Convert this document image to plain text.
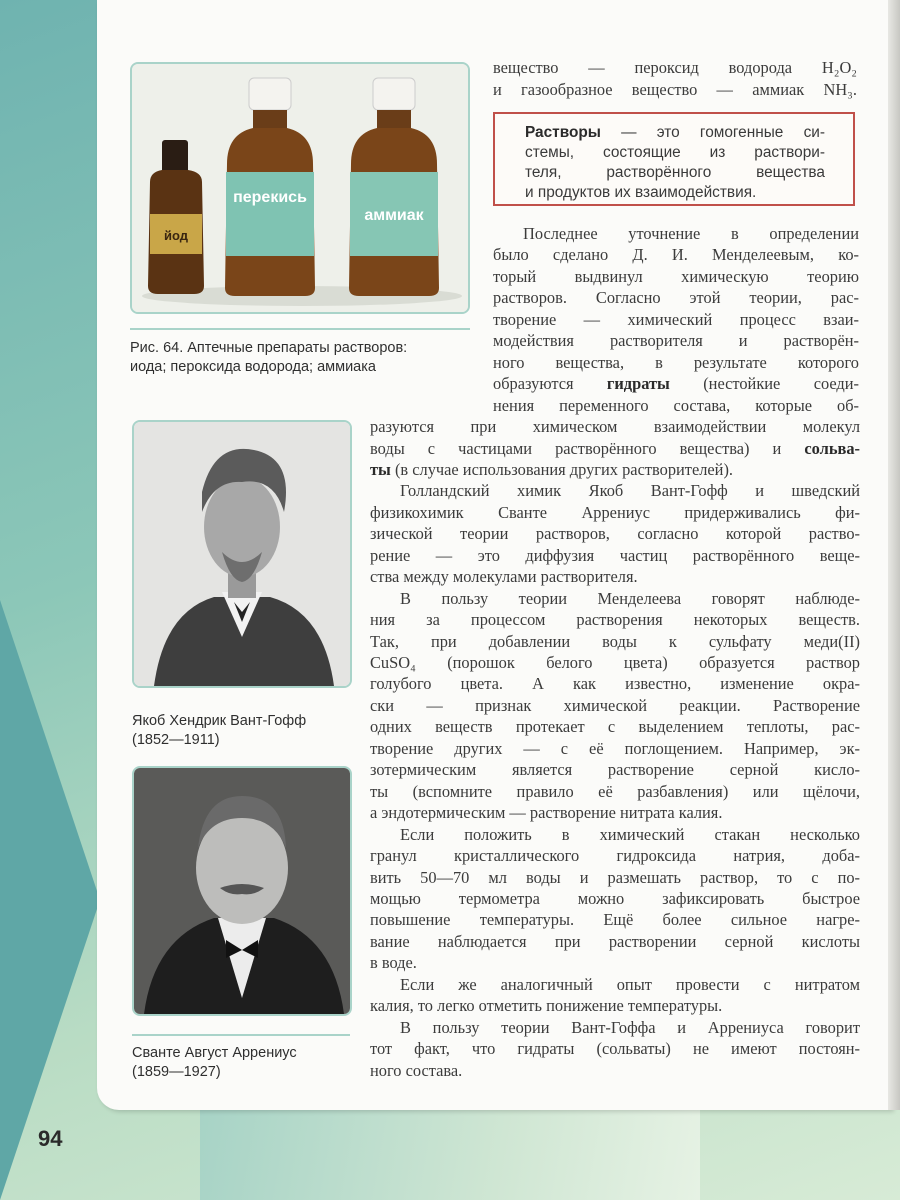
94
йод
перекись
аммиак
Рис. 64. Аптечные препараты растворов:
иода; пероксида водорода; аммиака
Якоб Хендрик Вант-Гофф
(1852—1911)
Сванте Август Аррениус
(1859—1927)
Растворы — это гомогенные си-
стемы, состоящие из раствори-
теля, растворённого вещества
и продуктов их взаимодействия.
вещество — пероксид водорода H₂O₂
и газообразное вещество — аммиак NH₃.
Последнее уточнение в определении
было сделано Д. И. Менделеевым, ко-
торый выдвинул химическую теорию
растворов. Согласно этой теории, рас-
творение — химический процесс взаи-
модействия растворителя и растворён-
ного вещества, в результате которого
образуются гидраты (нестойкие соеди-
нения переменного состава, которые об-
разуются при химическом взаимодействии молекул
воды с частицами растворённого вещества) и сольва-
ты (в случае использования других растворителей).
Голландский химик Якоб Вант-Гофф и шведский
физикохимик Сванте Аррениус придерживались фи-
зической теории растворов, согласно которой раство-
рение — это диффузия частиц растворённого веще-
ства между молекулами растворителя.
В пользу теории Менделеева говорят наблюде-
ния за процессом растворения некоторых веществ.
Так, при добавлении воды к сульфату меди(II)
CuSO₄ (порошок белого цвета) образуется раствор
голубого цвета. А как известно, изменение окра-
ски — признак химической реакции. Растворение
одних веществ протекает с выделением теплоты, рас-
творение других — с её поглощением. Например, эк-
зотермическим является растворение серной кисло-
ты (вспомните правило её разбавления) или щёлочи,
а эндотермическим — растворение нитрата калия.
Если положить в химический стакан несколько
гранул кристаллического гидроксида натрия, доба-
вить 50—70 мл воды и размешать раствор, то с по-
мощью термометра можно зафиксировать быстрое
повышение температуры. Ещё более сильное нагре-
вание наблюдается при растворении серной кислоты
в воде.
Если же аналогичный опыт провести с нитратом
калия, то легко отметить понижение температуры.
В пользу теории Вант-Гоффа и Аррениуса говорит
тот факт, что гидраты (сольваты) не имеют постоян-
ного состава.
